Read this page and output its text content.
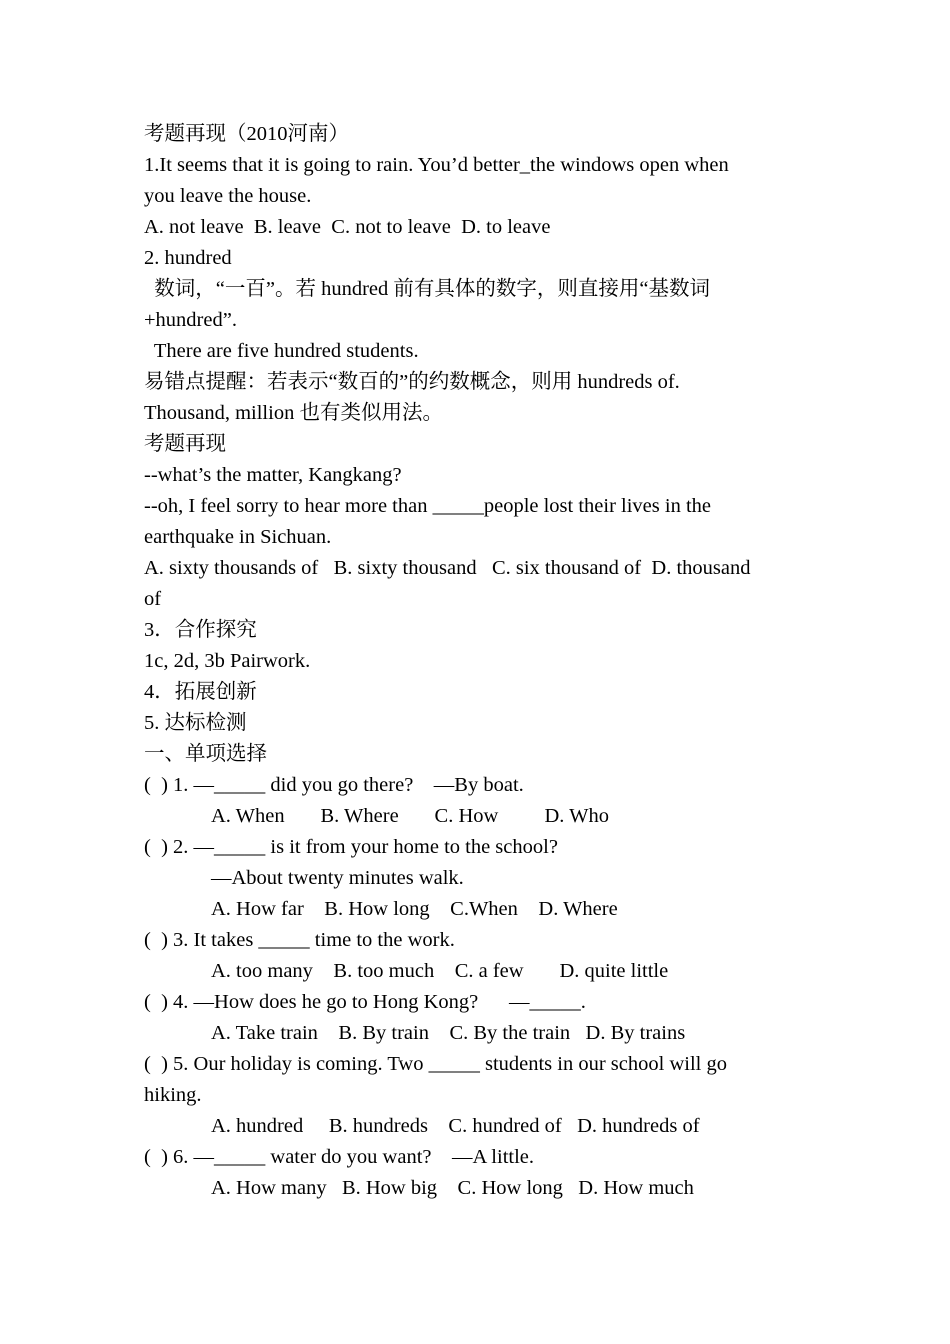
考题再现（2010河南）
1.It seems that it is going to rain. You’d better_the windows open when
you leave the house.
A. not leave  B. leave  C. not to leave  D. to leave
2. hundred
数词，“一百”。若 hundred 前有具体的数字，则直接用“基数词
+hundred”.
There are five hundred students.
易错点提醒：若表示“数百的”的约数概念，则用 hundreds of.
Thousand, million 也有类似用法。
考题再现
--what’s the matter, Kangkang?
--oh, I feel sorry to hear more than _____people lost their lives in the
earthquake in Sichuan.
A. sixty thousands of   B. sixty thousand   C. six thousand of  D. thousand
of
3．合作探究
1c, 2d, 3b Pairwork.
4．拓展创新
5. 达标检测
一、单项选择
(  ) 1. —_____ did you go there?    —By boat.
A. When       B. Where       C. How         D. Who
(  ) 2. —_____ is it from your home to the school?
—About twenty minutes walk.
A. How far    B. How long    C.When    D. Where
(  ) 3. It takes _____ time to the work.
A. too many    B. too much    C. a few       D. quite little
(  ) 4. —How does he go to Hong Kong?      —_____.
A. Take train    B. By train    C. By the train   D. By trains
(  ) 5. Our holiday is coming. Two _____ students in our school will go
hiking.
A. hundred     B. hundreds    C. hundred of   D. hundreds of
(  ) 6. —_____ water do you want?    —A little.
A. How many   B. How big    C. How long   D. How much
